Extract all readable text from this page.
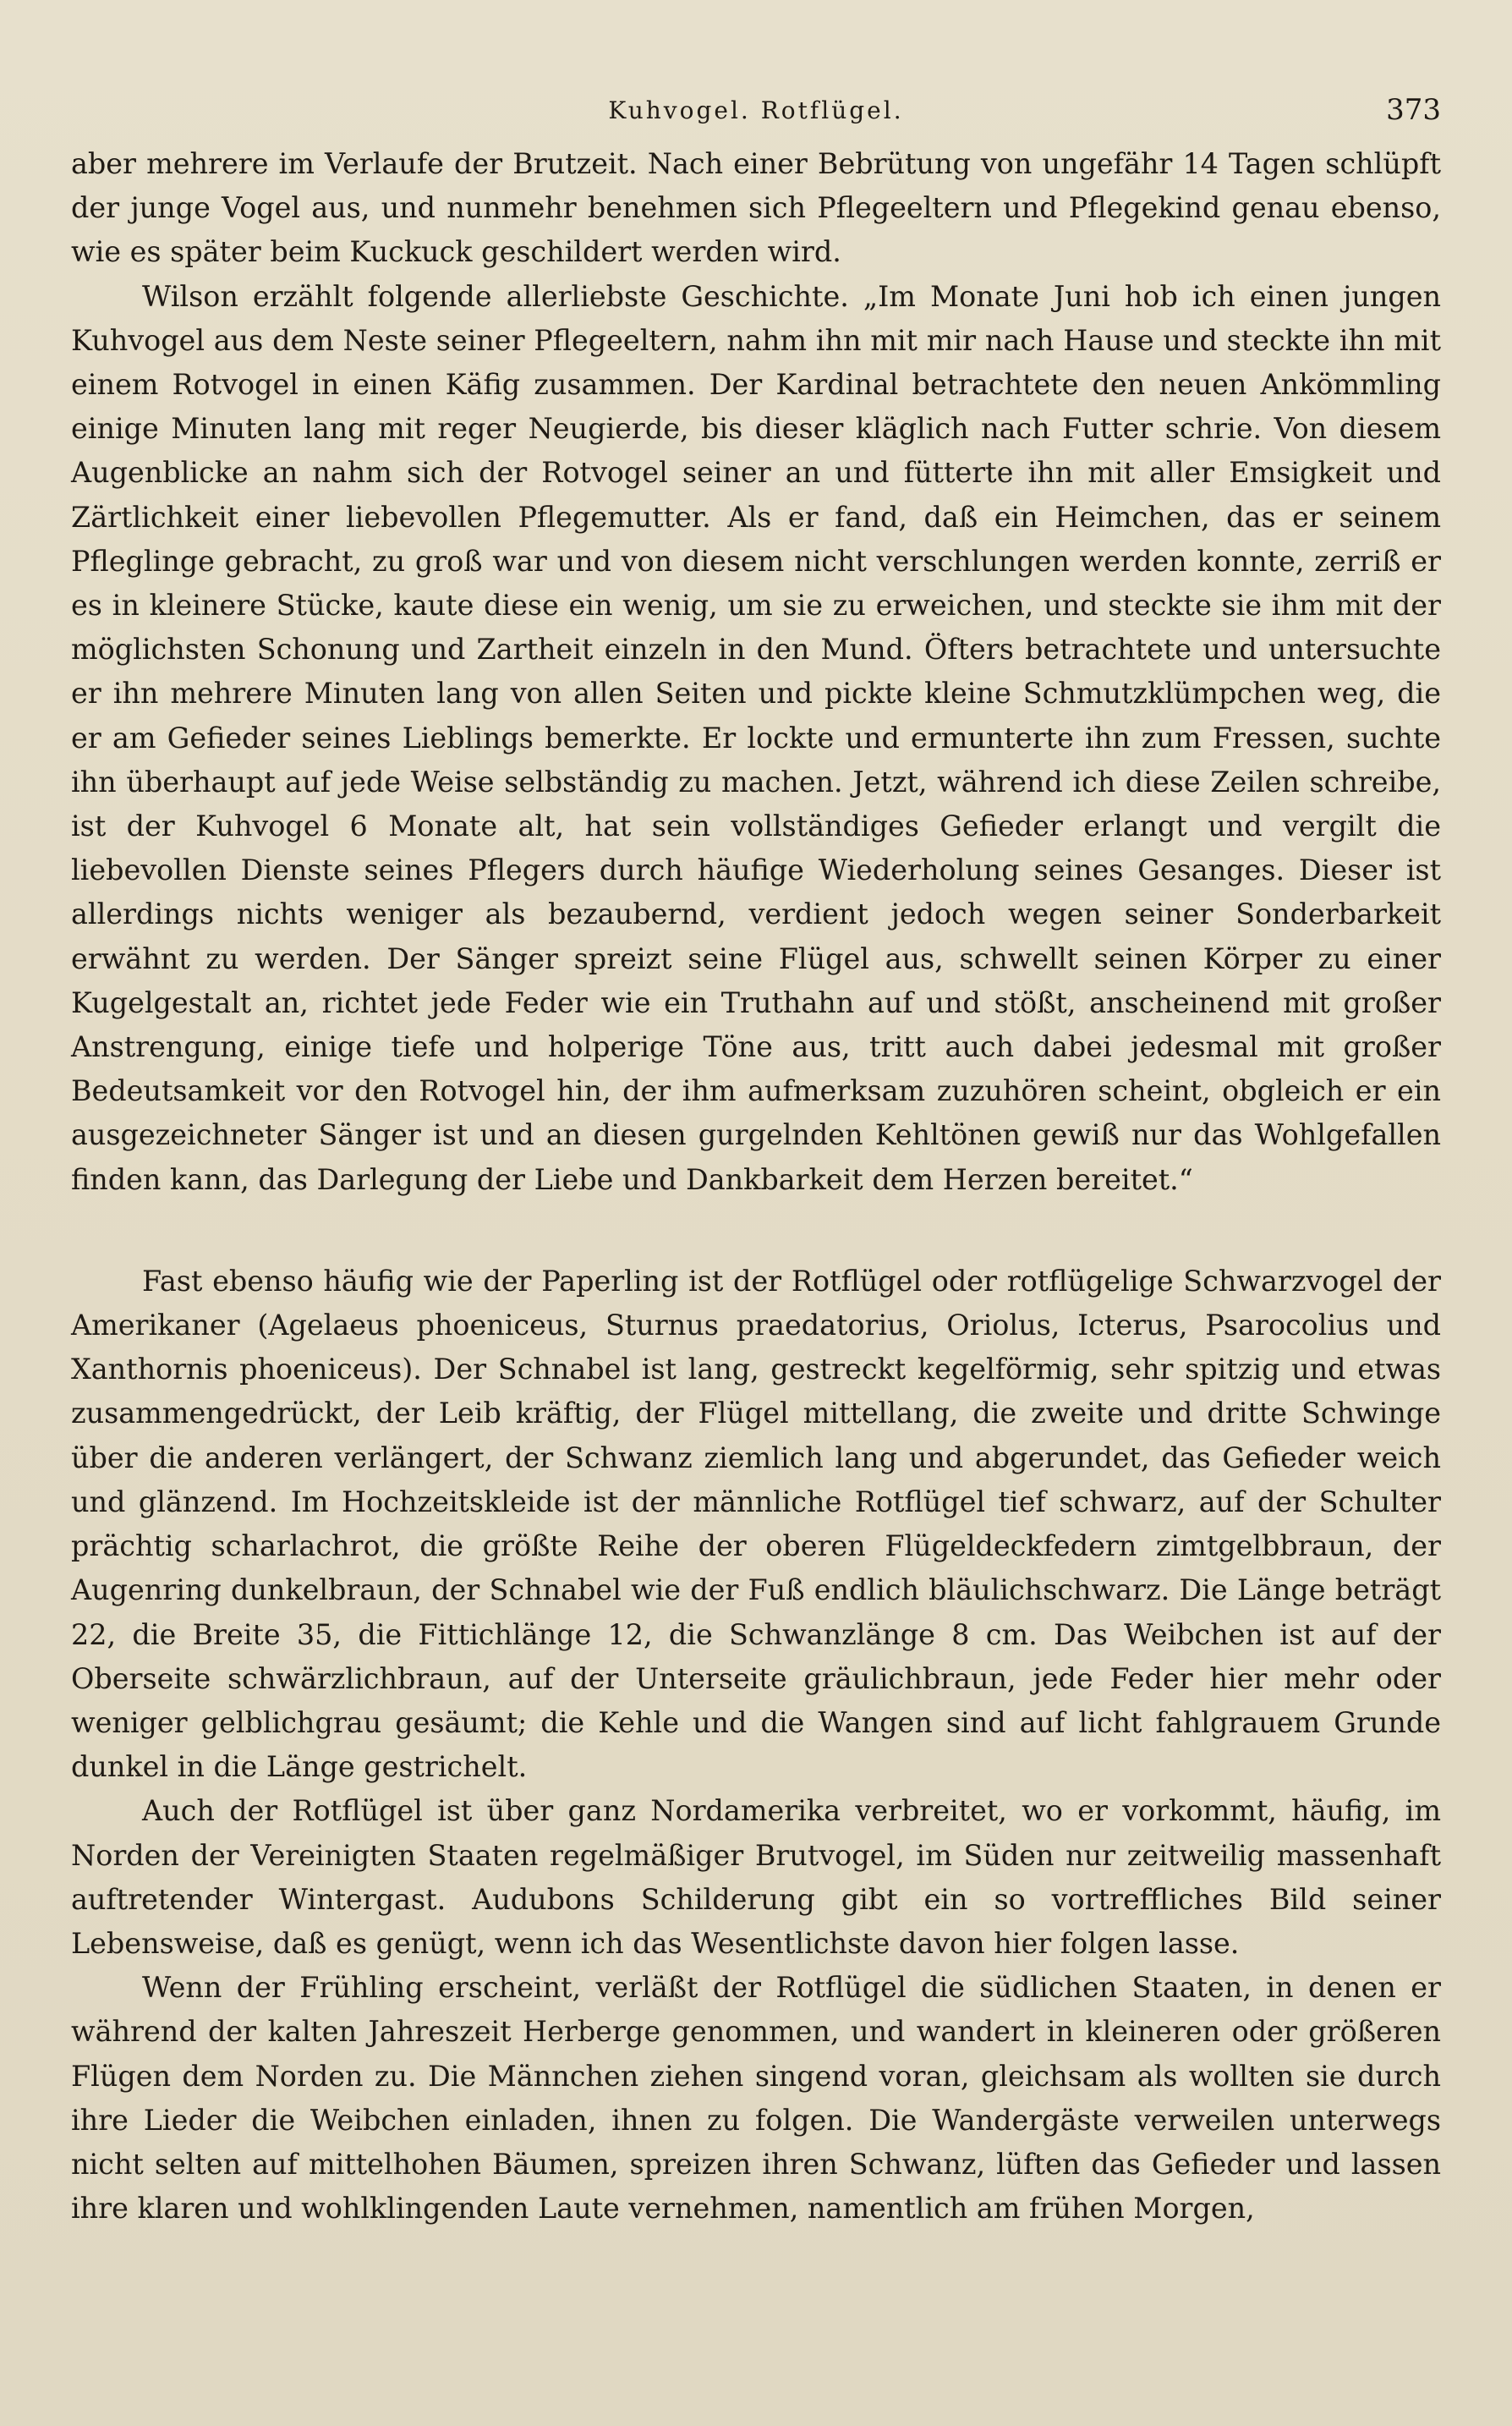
Kuhvogel. Rotflügel.	373

aber mehrere im Verlaufe der Brutzeit. Nach einer Bebrütung von ungefähr 14 Tagen schlüpft der junge Vogel aus, und nunmehr benehmen sich Pflegeeltern und Pflegekind genau ebenso, wie es später beim Kuckuck geschildert werden wird.

Wilson erzählt folgende allerliebste Geschichte. „Im Monate Juni hob ich einen jungen Kuhvogel aus dem Neste seiner Pflegeeltern, nahm ihn mit mir nach Hause und steckte ihn mit einem Rotvogel in einen Käfig zusammen. Der Kardinal betrachtete den neuen Ankömmling einige Minuten lang mit reger Neugierde, bis dieser kläglich nach Futter schrie. Von diesem Augenblicke an nahm sich der Rotvogel seiner an und fütterte ihn mit aller Emsigkeit und Zärtlichkeit einer liebevollen Pflegemutter. Als er fand, daß ein Heimchen, das er seinem Pfleglinge gebracht, zu groß war und von diesem nicht verschlungen werden konnte, zerriß er es in kleinere Stücke, kaute diese ein wenig, um sie zu erweichen, und steckte sie ihm mit der möglichsten Schonung und Zartheit einzeln in den Mund. Öfters betrachtete und untersuchte er ihn mehrere Minuten lang von allen Seiten und pickte kleine Schmutzklümpchen weg, die er am Gefieder seines Lieblings bemerkte. Er lockte und ermunterte ihn zum Fressen, suchte ihn überhaupt auf jede Weise selbständig zu machen. Jetzt, während ich diese Zeilen schreibe, ist der Kuhvogel 6 Monate alt, hat sein vollständiges Gefieder erlangt und vergilt die liebevollen Dienste seines Pflegers durch häufige Wiederholung seines Gesanges. Dieser ist allerdings nichts weniger als bezaubernd, verdient jedoch wegen seiner Sonderbarkeit erwähnt zu werden. Der Sänger spreizt seine Flügel aus, schwellt seinen Körper zu einer Kugelgestalt an, richtet jede Feder wie ein Truthahn auf und stößt, anscheinend mit großer Anstrengung, einige tiefe und holperige Töne aus, tritt auch dabei jedesmal mit großer Bedeutsamkeit vor den Rotvogel hin, der ihm aufmerksam zuzuhören scheint, obgleich er ein ausgezeichneter Sänger ist und an diesen gurgelnden Kehltönen gewiß nur das Wohlgefallen finden kann, das Darlegung der Liebe und Dankbarkeit dem Herzen bereitet.“

Fast ebenso häufig wie der Paperling ist der Rotflügel oder rotflügelige Schwarzvogel der Amerikaner (Agelaeus phoeniceus, Sturnus praedatorius, Oriolus, Icterus, Psarocolius und Xanthornis phoeniceus). Der Schnabel ist lang, gestreckt kegelförmig, sehr spitzig und etwas zusammengedrückt, der Leib kräftig, der Flügel mittellang, die zweite und dritte Schwinge über die anderen verlängert, der Schwanz ziemlich lang und abgerundet, das Gefieder weich und glänzend. Im Hochzeitskleide ist der männliche Rotflügel tief schwarz, auf der Schulter prächtig scharlachrot, die größte Reihe der oberen Flügeldeckfedern zimtgelbbraun, der Augenring dunkelbraun, der Schnabel wie der Fuß endlich bläulichschwarz. Die Länge beträgt 22, die Breite 35, die Fittichlänge 12, die Schwanzlänge 8 cm. Das Weibchen ist auf der Oberseite schwärzlichbraun, auf der Unterseite gräulichbraun, jede Feder hier mehr oder weniger gelblichgrau gesäumt; die Kehle und die Wangen sind auf licht fahlgrauem Grunde dunkel in die Länge gestrichelt.

Auch der Rotflügel ist über ganz Nordamerika verbreitet, wo er vorkommt, häufig, im Norden der Vereinigten Staaten regelmäßiger Brutvogel, im Süden nur zeitweilig massenhaft auftretender Wintergast. Audubons Schilderung gibt ein so vortreffliches Bild seiner Lebensweise, daß es genügt, wenn ich das Wesentlichste davon hier folgen lasse.

Wenn der Frühling erscheint, verläßt der Rotflügel die südlichen Staaten, in denen er während der kalten Jahreszeit Herberge genommen, und wandert in kleineren oder größeren Flügen dem Norden zu. Die Männchen ziehen singend voran, gleichsam als wollten sie durch ihre Lieder die Weibchen einladen, ihnen zu folgen. Die Wandergäste verweilen unterwegs nicht selten auf mittelhohen Bäumen, spreizen ihren Schwanz, lüften das Gefieder und lassen ihre klaren und wohlklingenden Laute vernehmen, namentlich am frühen Morgen,
